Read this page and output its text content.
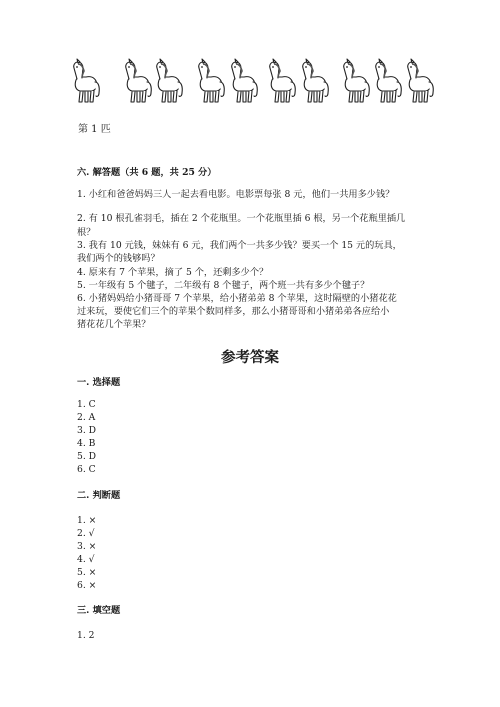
第 1 匹
六. 解答题（共 6 题，共 25 分）
1. 小红和爸爸妈妈三人一起去看电影。电影票每张 8 元，他们一共用多少钱？
2. 有 10 根孔雀羽毛，插在 2 个花瓶里。一个花瓶里插 6 根，另一个花瓶里插几
根？
3. 我有 10 元钱，妹妹有 6 元，我们两个一共多少钱？要买一个 15 元的玩具，
我们两个的钱够吗？
4. 原来有 7 个苹果，摘了 5 个，还剩多少个？
5. 一年级有 5 个毽子，二年级有 8 个毽子，两个班一共有多少个毽子？
6. 小猪妈妈给小猪哥哥 7 个苹果，给小猪弟弟 8 个苹果，这时隔壁的小猪花花
过来玩，要使它们三个的苹果个数同样多，那么小猪哥哥和小猪弟弟各应给小
猪花花几个苹果？
参考答案
一. 选择题
1. C
2. A
3. D
4. B
5. D
6. C
二. 判断题
1. ×
2. √
3. ×
4. √
5. ×
6. ×
三. 填空题
1. 2
